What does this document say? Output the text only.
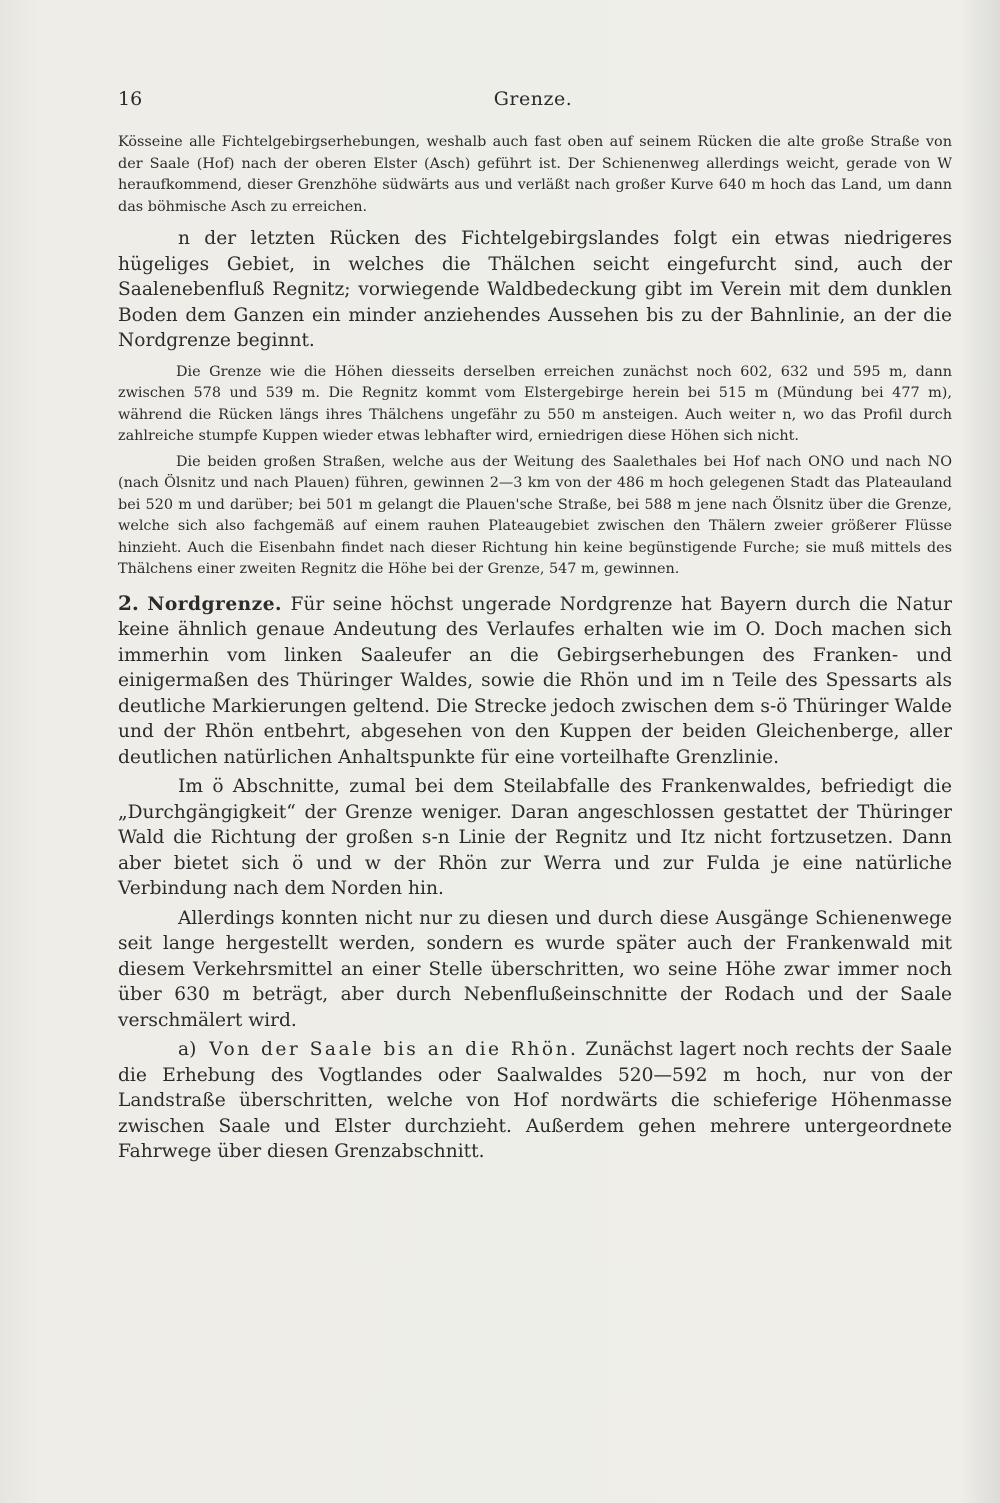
16	Grenze.

Kösseine alle Fichtelgebirgserhebungen, weshalb auch fast oben auf seinem Rücken die alte große Straße von der Saale (Hof) nach der oberen Elster (Asch) geführt ist. Der Schienenweg allerdings weicht, gerade von W heraufkommend, dieser Grenzhöhe südwärts aus und verläßt nach großer Kurve 640 m hoch das Land, um dann das böhmische Asch zu erreichen.

n der letzten Rücken des Fichtelgebirgslandes folgt ein etwas niedrigeres hügeliges Gebiet, in welches die Thälchen seicht eingefurcht sind, auch der Saalenebenfluß Regnitz; vorwiegende Waldbedeckung gibt im Verein mit dem dunklen Boden dem Ganzen ein minder anziehendes Aussehen bis zu der Bahnlinie, an der die Nordgrenze beginnt.

Die Grenze wie die Höhen diesseits derselben erreichen zunächst noch 602, 632 und 595 m, dann zwischen 578 und 539 m. Die Regnitz kommt vom Elstergebirge herein bei 515 m (Mündung bei 477 m), während die Rücken längs ihres Thälchens ungefähr zu 550 m ansteigen. Auch weiter n, wo das Profil durch zahlreiche stumpfe Kuppen wieder etwas lebhafter wird, erniedrigen diese Höhen sich nicht.

Die beiden großen Straßen, welche aus der Weitung des Saalethales bei Hof nach ONO und nach NO (nach Ölsnitz und nach Plauen) führen, gewinnen 2—3 km von der 486 m hoch gelegenen Stadt das Plateauland bei 520 m und darüber; bei 501 m gelangt die Plauen'sche Straße, bei 588 m jene nach Ölsnitz über die Grenze, welche sich also fachgemäß auf einem rauhen Plateaugebiet zwischen den Thälern zweier größerer Flüsse hinzieht. Auch die Eisenbahn findet nach dieser Richtung hin keine begünstigende Furche; sie muß mittels des Thälchens einer zweiten Regnitz die Höhe bei der Grenze, 547 m, gewinnen.

2. Nordgrenze. Für seine höchst ungerade Nordgrenze hat Bayern durch die Natur keine ähnlich genaue Andeutung des Verlaufes erhalten wie im O. Doch machen sich immerhin vom linken Saaleufer an die Gebirgserhebungen des Franken- und einigermaßen des Thüringer Waldes, sowie die Rhön und im n Teile des Spessarts als deutliche Markierungen geltend. Die Strecke jedoch zwischen dem s-ö Thüringer Walde und der Rhön entbehrt, abgesehen von den Kuppen der beiden Gleichenberge, aller deutlichen natürlichen Anhaltspunkte für eine vorteilhafte Grenzlinie.

Im ö Abschnitte, zumal bei dem Steilabfalle des Frankenwaldes, befriedigt die „Durchgängigkeit“ der Grenze weniger. Daran angeschlossen gestattet der Thüringer Wald die Richtung der großen s-n Linie der Regnitz und Itz nicht fortzusetzen. Dann aber bietet sich ö und w der Rhön zur Werra und zur Fulda je eine natürliche Verbindung nach dem Norden hin.

Allerdings konnten nicht nur zu diesen und durch diese Ausgänge Schienenwege seit lange hergestellt werden, sondern es wurde später auch der Frankenwald mit diesem Verkehrsmittel an einer Stelle überschritten, wo seine Höhe zwar immer noch über 630 m beträgt, aber durch Nebenflußeinschnitte der Rodach und der Saale verschmälert wird.

a) Von der Saale bis an die Rhön. Zunächst lagert noch rechts der Saale die Erhebung des Vogtlandes oder Saalwaldes 520—592 m hoch, nur von der Landstraße überschritten, welche von Hof nordwärts die schieferige Höhenmasse zwischen Saale und Elster durchzieht. Außerdem gehen mehrere untergeordnete Fahrwege über diesen Grenzabschnitt.
